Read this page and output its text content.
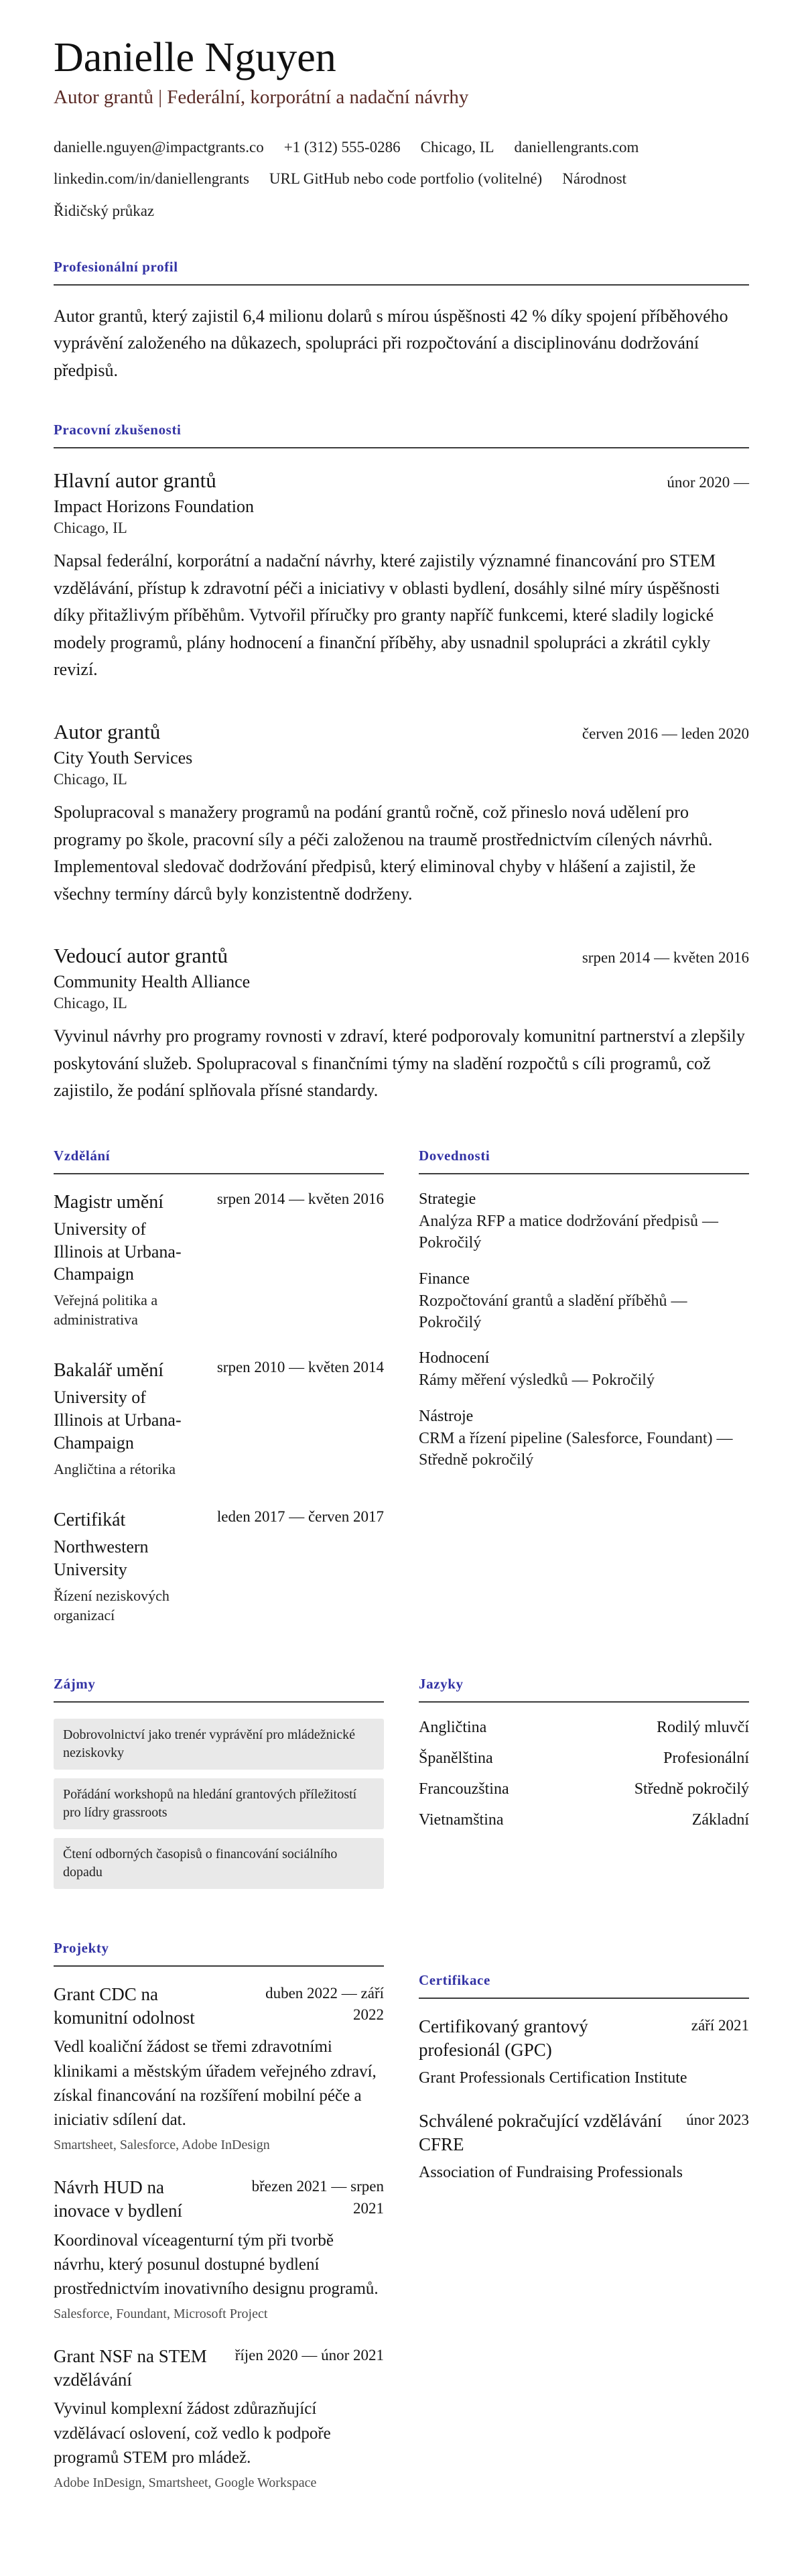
Danielle Nguyen
Autor grantů | Federální, korporátní a nadační návrhy
danielle.nguyen@impactgrants.co +1 (312) 555-0286 Chicago, IL daniellengrants.com
linkedin.com/in/daniellengrants URL GitHub nebo code portfolio (volitelné) Národnost
Řidičský průkaz
Profesionální profil

Autor grantů, který zajistil 6,4 milionu dolarů s mírou úspěšnosti 42 % díky spojení příběhového vyprávění založeného na důkazech, spolupráci při rozpočtování a disciplinovánu dodržování předpisů.

Pracovní zkušenosti
Hlavní autor grantů	únor 2020 —
Impact Horizons Foundation
Chicago, IL

Napsal federální, korporátní a nadační návrhy, které zajistily významné financování pro STEM vzdělávání, přístup k zdravotní péči a iniciativy v oblasti bydlení, dosáhly silné míry úspěšnosti díky přitažlivým příběhům. Vytvořil příručky pro granty napříč funkcemi, které sladily logické modely programů, plány hodnocení a finanční příběhy, aby usnadnil spolupráci a zkrátil cykly revizí.

Autor grantů	červen 2016 — leden 2020
City Youth Services
Chicago, IL

Spolupracoval s manažery programů na podání grantů ročně, což přineslo nová udělení pro programy po škole, pracovní síly a péči založenou na traumě prostřednictvím cílených návrhů. Implementoval sledovač dodržování předpisů, který eliminoval chyby v hlášení a zajistil, že všechny termíny dárců byly konzistentně dodrženy.

Vedoucí autor grantů	srpen 2014 — květen 2016
Community Health Alliance
Chicago, IL

Vyvinul návrhy pro programy rovnosti v zdraví, které podporovaly komunitní partnerství a zlepšily poskytování služeb. Spolupracoval s finančními týmy na sladění rozpočtů s cíli programů, což zajistilo, že podání splňovala přísné standardy.

Vzdělání
Magistr umění
University of Illinois at Urbana-Champaign
Veřejná politika a administrativa
srpen 2014 — květen 2016
Bakalář umění
University of Illinois at Urbana-Champaign
Angličtina a rétorika
srpen 2010 — květen 2014
Certifikát
Northwestern University
Řízení neziskových organizací
leden 2017 — červen 2017
Dovednosti
Strategie
Analýza RFP a matice dodržování předpisů — Pokročilý
Finance
Rozpočtování grantů a sladění příběhů — Pokročilý
Hodnocení
Rámy měření výsledků — Pokročilý
Nástroje
CRM a řízení pipeline (Salesforce, Foundant) — Středně pokročilý
Zájmy
Dobrovolnictví jako trenér vyprávění pro mládežnické neziskovky
Pořádání workshopů na hledání grantových příležitostí pro lídry grassroots
Čtení odborných časopisů o financování sociálního dopadu
Jazyky
Angličtina	Rodilý mluvčí
Španělština	Profesionální
Francouzština	Středně pokročilý
Vietnamština	Základní
Projekty
Grant CDC na komunitní odolnost
duben 2022 — září 2022
Vedl koaliční žádost se třemi zdravotními klinikami a městským úřadem veřejného zdraví, získal financování na rozšíření mobilní péče a iniciativ sdílení dat.
Smartsheet, Salesforce, Adobe InDesign
Návrh HUD na inovace v bydlení
březen 2021 — srpen 2021
Koordinoval víceagenturní tým při tvorbě návrhu, který posunul dostupné bydlení prostřednictvím inovativního designu programů.
Salesforce, Foundant, Microsoft Project
Grant NSF na STEM vzdělávání
říjen 2020 — únor 2021
Vyvinul komplexní žádost zdůrazňující vzdělávací oslovení, což vedlo k podpoře programů STEM pro mládež.
Adobe InDesign, Smartsheet, Google Workspace
Certifikace
Certifikovaný grantový profesionál (GPC)
září 2021
Grant Professionals Certification Institute
Schválené pokračující vzdělávání CFRE
únor 2023
Association of Fundraising Professionals
